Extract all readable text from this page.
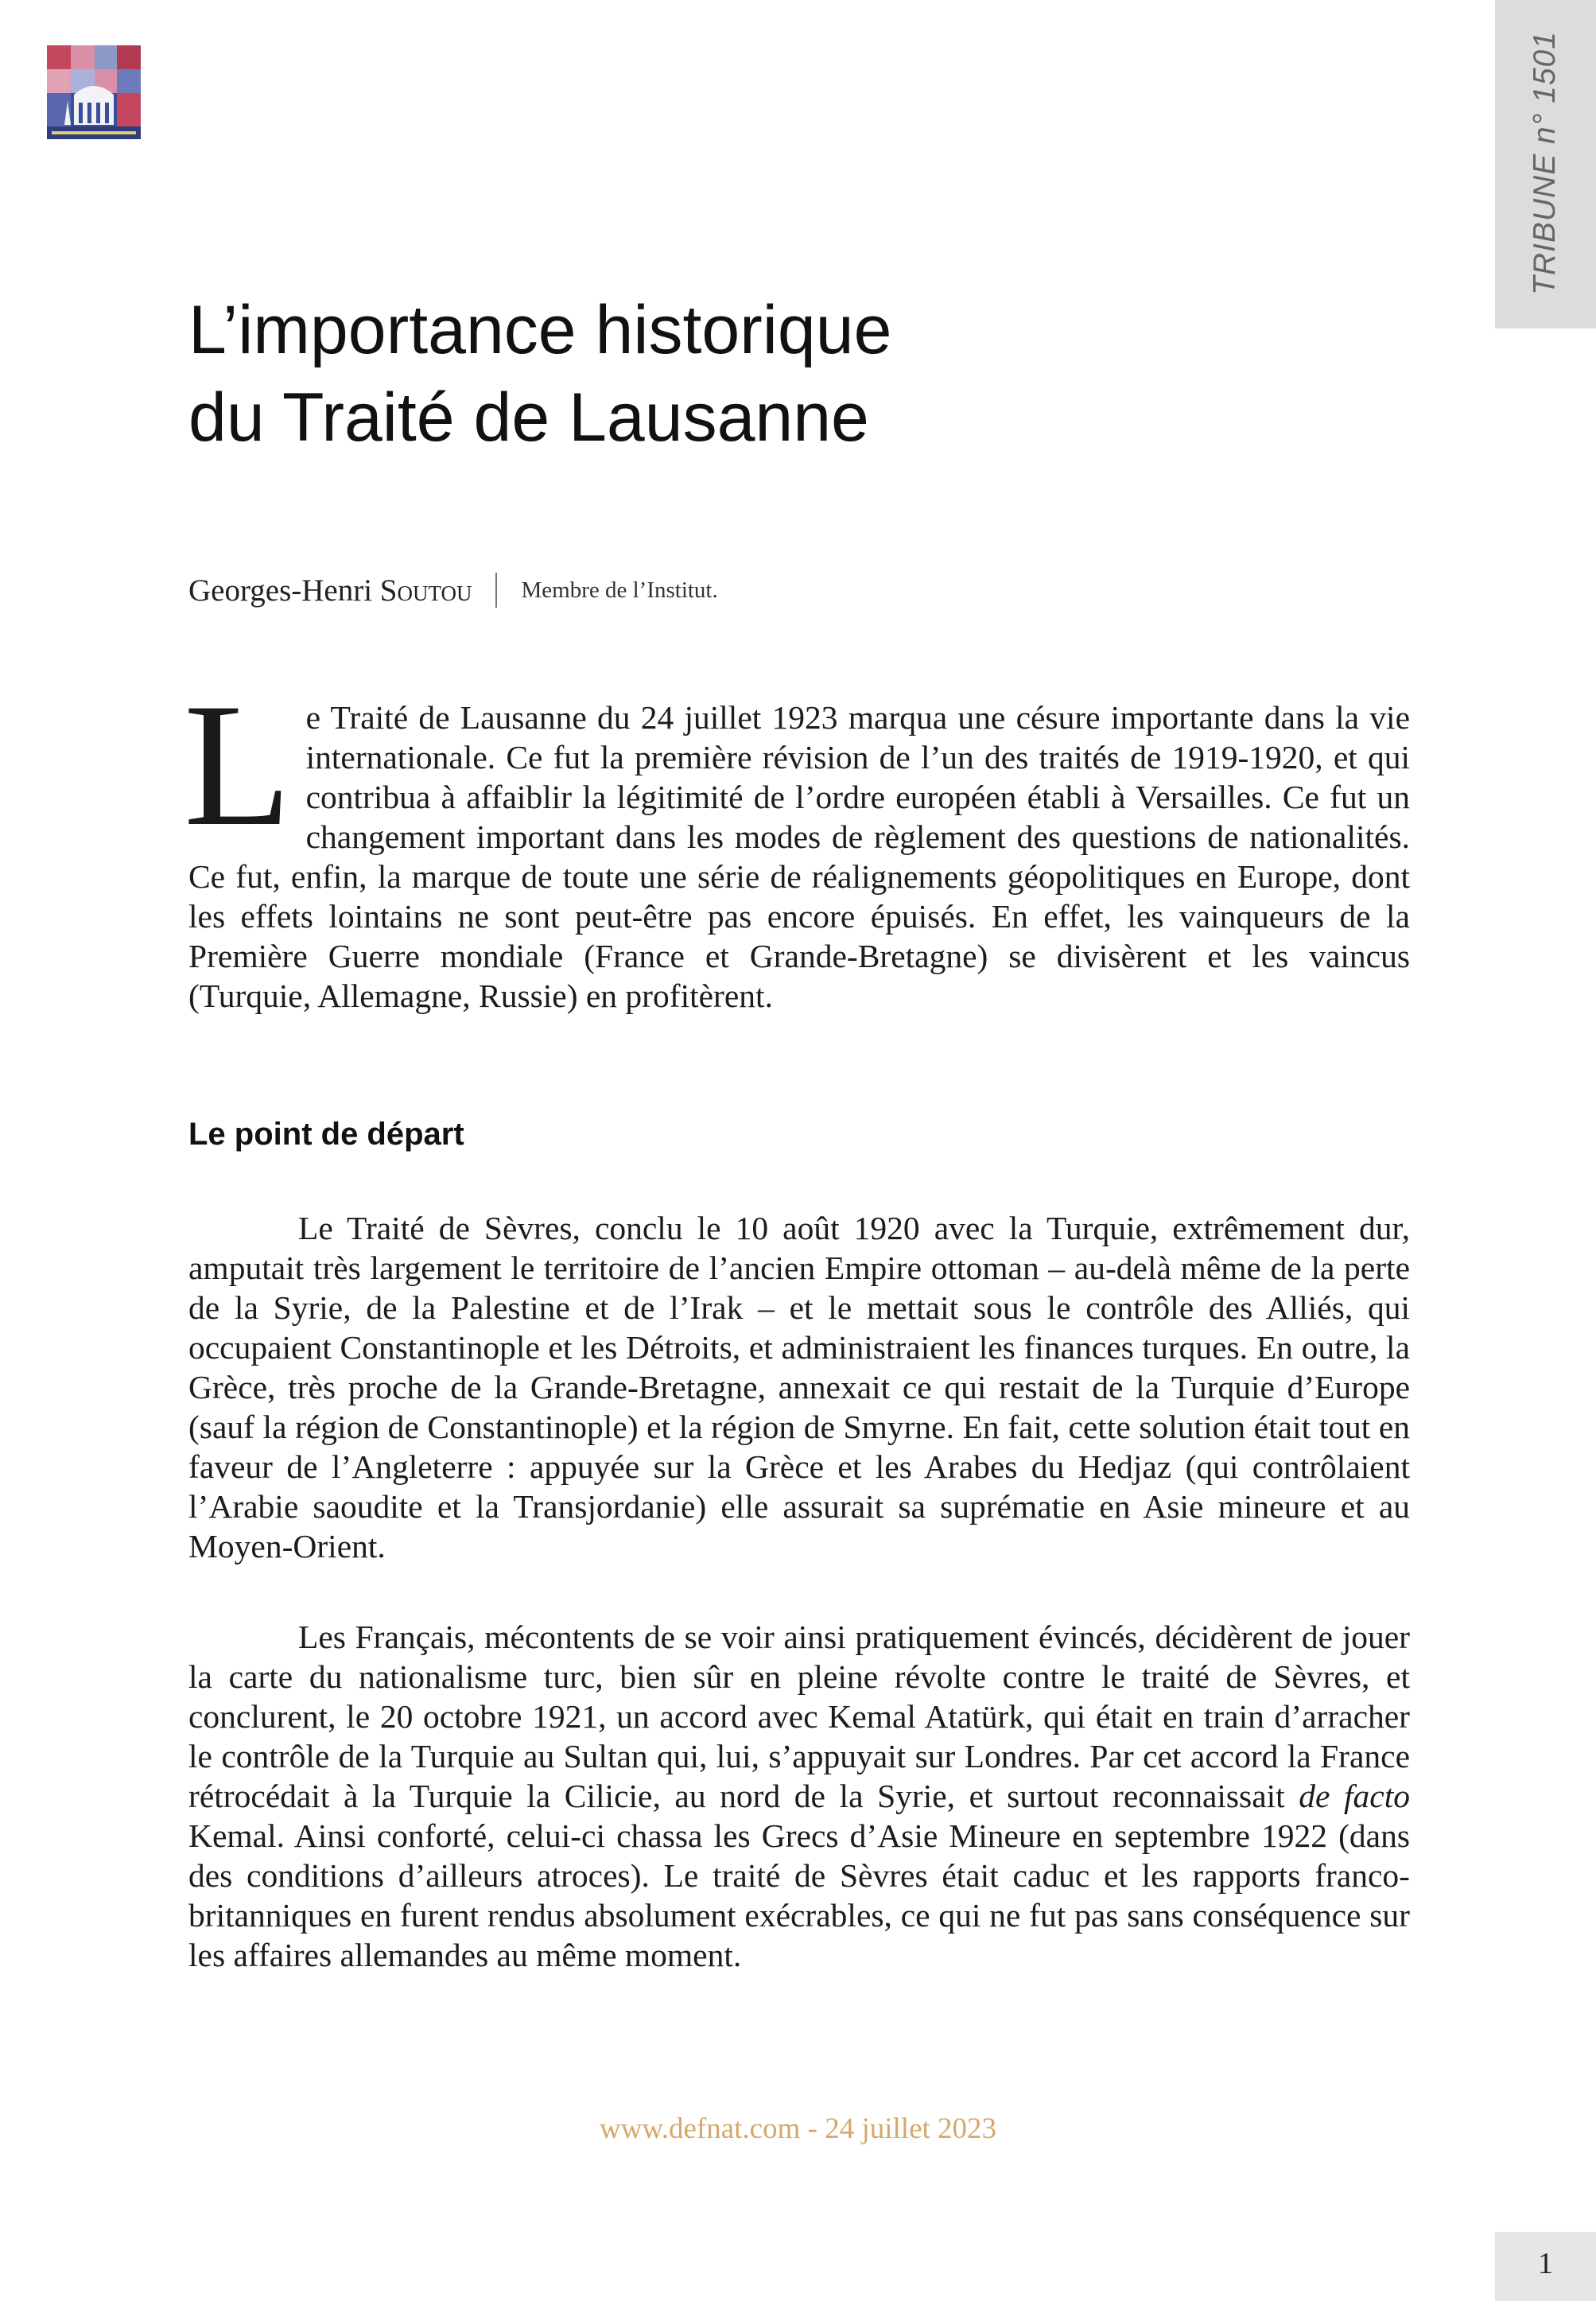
TRIBUNE n° 1501
L’importance historique
du Traité de Lausanne
Georges-Henri Soutou Membre de l’Institut.

Le Traité de Lausanne du 24 juillet 1923 marqua une césure importante dans la vie internationale. Ce fut la première révision de l’un des traités de 1919-1920, et qui contribua à affaiblir la légitimité de l’ordre européen établi à Versailles. Ce fut un changement important dans les modes de règlement des questions de nationalités. Ce fut, enfin, la marque de toute une série de réalignements géopolitiques en Europe, dont les effets lointains ne sont peut-être pas encore épuisés. En effet, les vainqueurs de la Première Guerre mondiale (France et Grande-Bretagne) se divisèrent et les vaincus (Turquie, Allemagne, Russie) en profitèrent.

Le point de départ

Le Traité de Sèvres, conclu le 10 août 1920 avec la Turquie, extrêmement dur, amputait très largement le territoire de l’ancien Empire ottoman – au-delà même de la perte de la Syrie, de la Palestine et de l’Irak – et le mettait sous le contrôle des Alliés, qui occupaient Constantinople et les Détroits, et administraient les finances turques. En outre, la Grèce, très proche de la Grande-Bretagne, annexait ce qui restait de la Turquie d’Europe (sauf la région de Constantinople) et la région de Smyrne. En fait, cette solution était tout en faveur de l’Angleterre : appuyée sur la Grèce et les Arabes du Hedjaz (qui contrôlaient l’Arabie saoudite et la Transjordanie) elle assurait sa suprématie en Asie mineure et au Moyen-Orient.

Les Français, mécontents de se voir ainsi pratiquement évincés, décidèrent de jouer la carte du nationalisme turc, bien sûr en pleine révolte contre le traité de Sèvres, et conclurent, le 20 octobre 1921, un accord avec Kemal Atatürk, qui était en train d’arracher le contrôle de la Turquie au Sultan qui, lui, s’appuyait sur Londres. Par cet accord la France rétrocédait à la Turquie la Cilicie, au nord de la Syrie, et surtout reconnaissait de facto Kemal. Ainsi conforté, celui-ci chassa les Grecs d’Asie Mineure en septembre 1922 (dans des conditions d’ailleurs atroces). Le traité de Sèvres était caduc et les rapports franco-britanniques en furent rendus absolument exécrables, ce qui ne fut pas sans conséquence sur les affaires allemandes au même moment.

www.defnat.com - 24 juillet 2023
1
